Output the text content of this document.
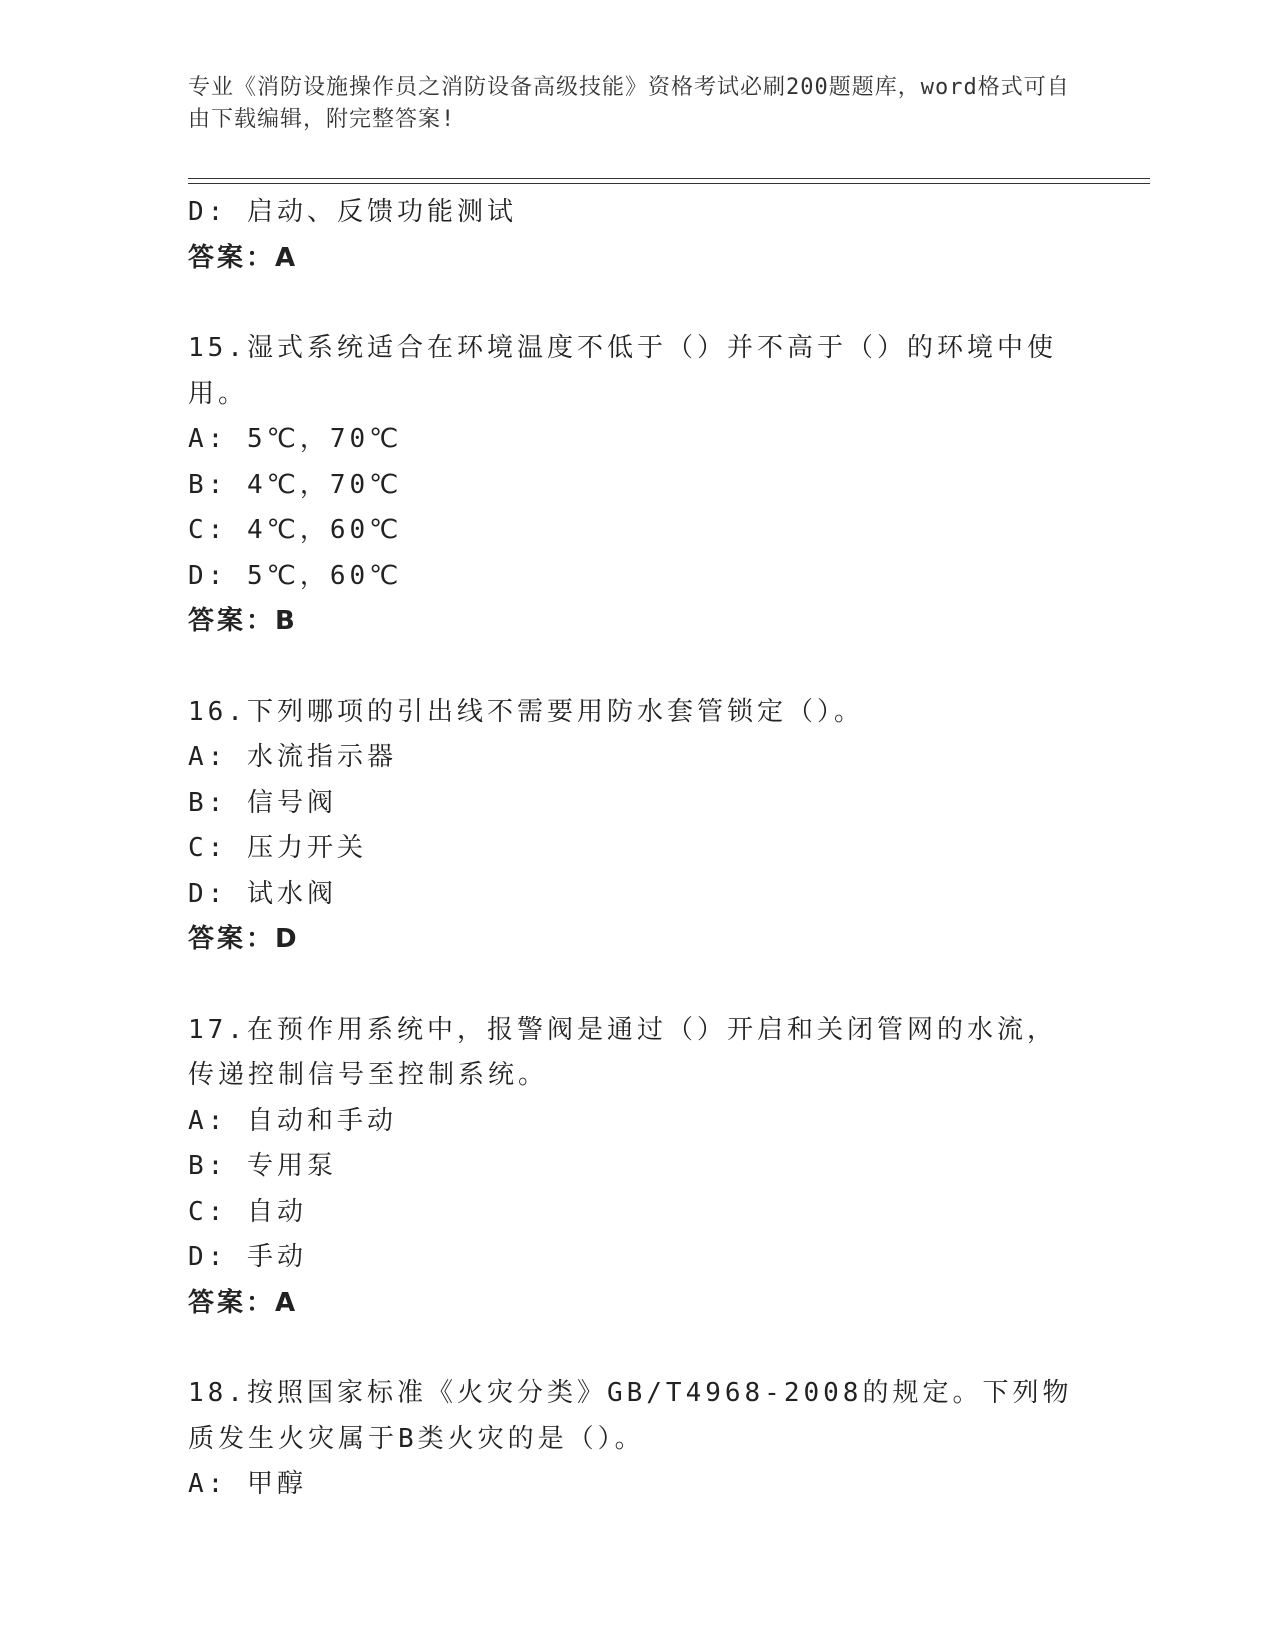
专业《消防设施操作员之消防设备高级技能》资格考试必刷200题题库，word格式可自由下载编辑，附完整答案!
D: 启动、反馈功能测试
答案：A
15.湿式系统适合在环境温度不低于（）并不高于（）的环境中使用。
A: 5℃，70℃
B: 4℃，70℃
C: 4℃，60℃
D: 5℃，60℃
答案：B
16.下列哪项的引出线不需要用防水套管锁定（）。
A: 水流指示器
B: 信号阀
C: 压力开关
D: 试水阀
答案：D
17.在预作用系统中，报警阀是通过（）开启和关闭管网的水流，传递控制信号至控制系统。
A: 自动和手动
B: 专用泵
C: 自动
D: 手动
答案：A
18.按照国家标准《火灾分类》GB/T4968-2008的规定。下列物质发生火灾属于B类火灾的是（）。
A: 甲醇
